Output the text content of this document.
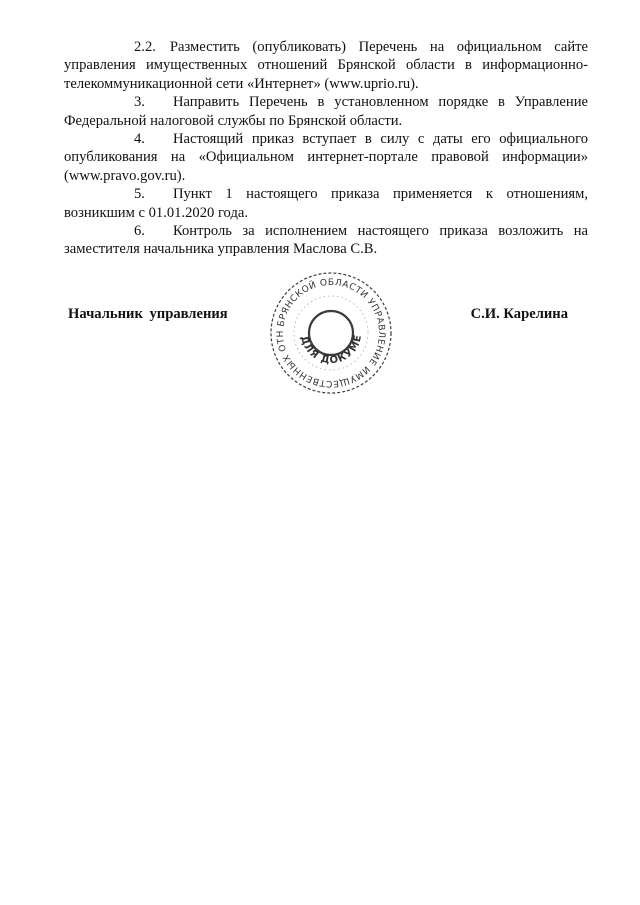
2.2. Разместить (опубликовать) Перечень на официальном сайте управления имущественных отношений Брянской области в информационно-телекоммуникационной сети «Интернет» (www.uprio.ru).

3. Направить Перечень в установленном порядке в Управление Федеральной налоговой службы по Брянской области.

4. Настоящий приказ вступает в силу с даты его официального опубликования на «Официальном интернет-портале правовой информации» (www.pravo.gov.ru).

5. Пункт 1 настоящего приказа применяется к отношениям, возникшим с 01.01.2020 года.

6. Контроль за исполнением настоящего приказа возложить на заместителя начальника управления Маслова С.В.

БРЯНСКОЙ ОБЛАСТИ УПРАВЛЕНИЕ ИМУЩЕСТВЕННЫХ ОТН
ДЛЯ ДОКУМЕ
Начальник управления	С.И. Карелина
